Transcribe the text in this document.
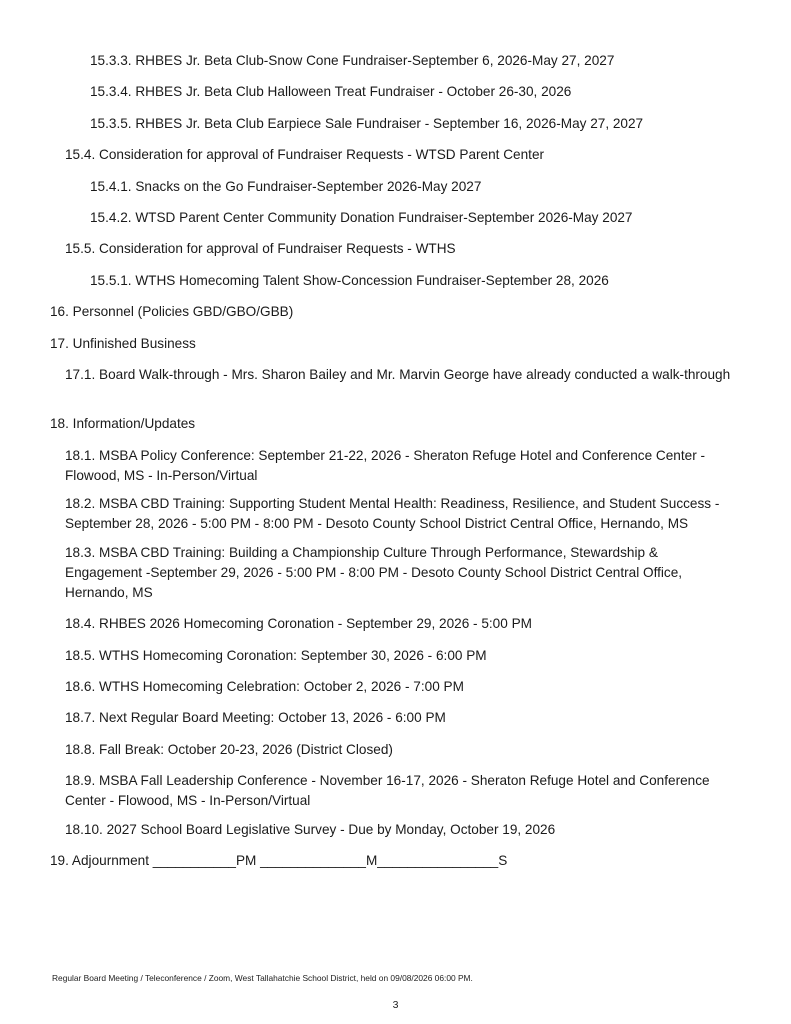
15.3.3. RHBES Jr. Beta Club-Snow Cone Fundraiser-September 6, 2026-May 27, 2027

15.3.4. RHBES Jr. Beta Club Halloween Treat Fundraiser - October 26-30, 2026

15.3.5. RHBES Jr. Beta Club Earpiece Sale Fundraiser - September 16, 2026-May 27, 2027

15.4. Consideration for approval of Fundraiser Requests - WTSD Parent Center

15.4.1. Snacks on the Go Fundraiser-September 2026-May 2027

15.4.2. WTSD Parent Center Community Donation Fundraiser-September 2026-May 2027

15.5. Consideration for approval of Fundraiser Requests - WTHS

15.5.1. WTHS Homecoming Talent Show-Concession Fundraiser-September 28, 2026

16. Personnel (Policies GBD/GBO/GBB)

17. Unfinished Business

17.1. Board Walk-through - Mrs. Sharon Bailey and Mr. Marvin George have already conducted a walk-through

18. Information/Updates

18.1. MSBA Policy Conference: September 21-22, 2026 - Sheraton Refuge Hotel and Conference Center - Flowood, MS - In-Person/Virtual

18.2. MSBA CBD Training: Supporting Student Mental Health: Readiness, Resilience, and Student Success - September 28, 2026 - 5:00 PM - 8:00 PM - Desoto County School District Central Office, Hernando, MS

18.3. MSBA CBD Training: Building a Championship Culture Through Performance, Stewardship & Engagement -September 29, 2026 - 5:00 PM - 8:00 PM - Desoto County School District Central Office, Hernando, MS

18.4. RHBES 2026 Homecoming Coronation - September 29, 2026 - 5:00 PM

18.5. WTHS Homecoming Coronation: September 30, 2026 - 6:00 PM

18.6. WTHS Homecoming Celebration: October 2, 2026 - 7:00 PM

18.7. Next Regular Board Meeting: October 13, 2026 - 6:00 PM

18.8. Fall Break: October 20-23, 2026 (District Closed)

18.9. MSBA Fall Leadership Conference - November 16-17, 2026 - Sheraton Refuge Hotel and Conference Center - Flowood, MS - In-Person/Virtual

18.10. 2027 School Board Legislative Survey - Due by Monday, October 19, 2026

19. Adjournment ___________PM ______________M________________S

Regular Board Meeting / Teleconference / Zoom, West Tallahatchie School District, held on 09/08/2026 06:00 PM.
3
